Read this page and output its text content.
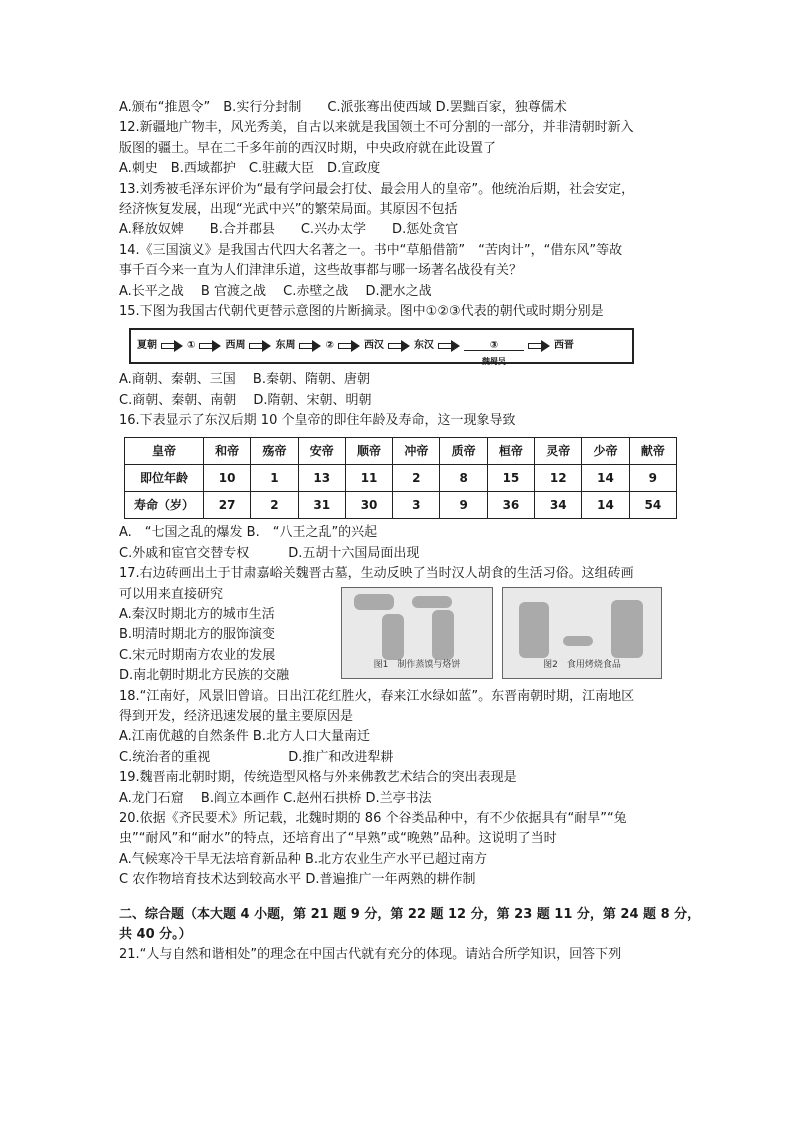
A.颁布“推恩令”　B.实行分封制　　C.派张骞出使西域 D.罢黜百家，独尊儒术
12.新疆地广物丰，风光秀美，自古以来就是我国领土不可分割的一部分，并非清朝时新入
版图的疆土。早在二千多年前的西汉时期，中央政府就在此设置了
A.刺史　B.西域都护　C.驻藏大臣　D.宣政度
13.刘秀被毛泽东评价为“最有学问最会打仗、最会用人的皇帝”。他统治后期，社会安定，
经济恢复发展，出现“光武中兴”的繁荣局面。其原因不包括
A.释放奴婢　　B.合并郡县　　C.兴办太学　　D.惩处贪官
14.《三国演义》是我国古代四大名著之一。书中“草船借箭”　“苦肉计”，“借东风”等故
事千百今来一直为人们津津乐道，这些故事都与哪一场著名战役有关？
A.长平之战　 B 官渡之战　 C.赤壁之战　 D.淝水之战
15.下图为我国古代朝代更替示意图的片断摘录。图中①②③代表的朝代或时期分别是
夏朝	①	西周	东周	②	西汉	东汉	③
魏蜀吴
西晋
A.商朝、秦朝、三国　 B.秦朝、隋朝、唐朝
C.商朝、秦朝、南朝　 D.隋朝、宋朝、明朝
16.下表显示了东汉后期 10 个皇帝的即住年龄及寿命，这一现象导致
皇帝	和帝	殇帝	安帝	顺帝	冲帝	质帝	桓帝	灵帝	少帝	献帝
即位年龄	10	1	13	11	2	8	15	12	14	9
寿命（岁）	27	2	31	30	3	9	36	34	14	54
A.　“七国之乱的爆发 B.　“八王之乱”的兴起
C.外戚和宦官交替专权　　　D.五胡十六国局面出现
17.右边砖画出土于甘肃嘉峪关魏晋古墓，生动反映了当时汉人胡食的生活习俗。这组砖画
可以用来直接研究
A.秦汉时期北方的城市生活
B.明清时期北方的服饰演变
C.宋元时期南方农业的发展
D.南北朝时期北方民族的交融
图1　制作蒸馍与烙饼	图2　食用烤烧食品
18.“江南好，风景旧曾谙。日出江花红胜火，春来江水绿如蓝”。东晋南朝时期，江南地区
得到开发，经济迅速发展的量主要原因是
A.江南优越的自然条件 B.北方人口大量南迁
C.统治者的重视　　　　　　D.推广和改进犁耕
19.魏晋南北朝时期，传统造型风格与外来佛教艺术结合的突出表现是
A.龙门石窟　 B.阎立本画作 C.赵州石拱桥 D.兰亭书法
20.依据《齐民要术》所记载，北魏时期的 86 个谷类品种中，有不少依据具有“耐旱”“兔
虫”“耐风”和“耐水”的特点，还培育出了“早熟”或“晚熟”品种。这说明了当时
A.气候寒冷干旱无法培育新品种 B.北方农业生产水平已超过南方
C 农作物培育技术达到较高水平 D.普遍推广一年两熟的耕作制
二、综合题（本大题 4 小题，第 21 题 9 分，第 22 题 12 分，第 23 题 11 分，第 24 题 8 分，
共 40 分。）
21.“人与自然和谐相处”的理念在中国古代就有充分的体现。请站合所学知识，回答下列
